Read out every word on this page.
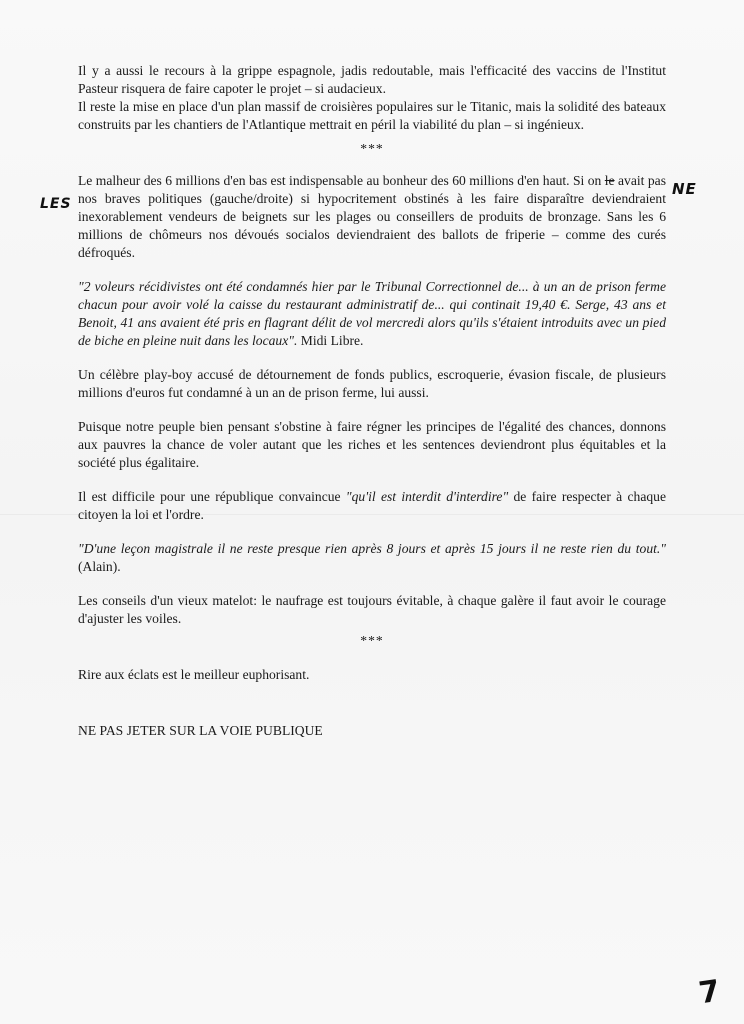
Il y a aussi le recours à la grippe espagnole, jadis redoutable, mais l'efficacité des vaccins de l'Institut Pasteur risquera de faire capoter le projet – si audacieux.

Il reste la mise en place d'un plan massif de croisières populaires sur le Titanic, mais la solidité des bateaux construits par les chantiers de l'Atlantique mettrait en péril la viabilité du plan – si ingénieux.

***

Le malheur des 6 millions d'en bas est indispensable au bonheur des 60 millions d'en haut. Si on le avait pas nos braves politiques (gauche/droite) si hypocritement obstinés à les faire disparaître deviendraient inexorablement vendeurs de beignets sur les plages ou conseillers de produits de bronzage. Sans les 6 millions de chômeurs nos dévoués socialos deviendraient des ballots de friperie – comme des curés défroqués.

"2 voleurs récidivistes ont été condamnés hier par le Tribunal Correctionnel de... à un an de prison ferme chacun pour avoir volé la caisse du restaurant administratif de... qui continait 19,40 €. Serge, 43 ans et Benoit, 41 ans avaient été pris en flagrant délit de vol mercredi alors qu'ils s'étaient introduits avec un pied de biche en pleine nuit dans les locaux". Midi Libre.

Un célèbre play-boy accusé de détournement de fonds publics, escroquerie, évasion fiscale, de plusieurs millions d'euros fut condamné à un an de prison ferme, lui aussi.

Puisque notre peuple bien pensant s'obstine à faire régner les principes de l'égalité des chances, donnons aux pauvres la chance de voler autant que les riches et les sentences deviendront plus équitables et la société plus égalitaire.

Il est difficile pour une république convaincue "qu'il est interdit d'interdire" de faire respecter à chaque citoyen la loi et l'ordre.

"D'une leçon magistrale il ne reste presque rien après 8 jours et après 15 jours il ne reste rien du tout." (Alain).

Les conseils d'un vieux matelot: le naufrage est toujours évitable, à chaque galère il faut avoir le courage d'ajuster les voiles.

***

Rire aux éclats est le meilleur euphorisant.

NE PAS JETER SUR LA VOIE PUBLIQUE

LES
NE
7
